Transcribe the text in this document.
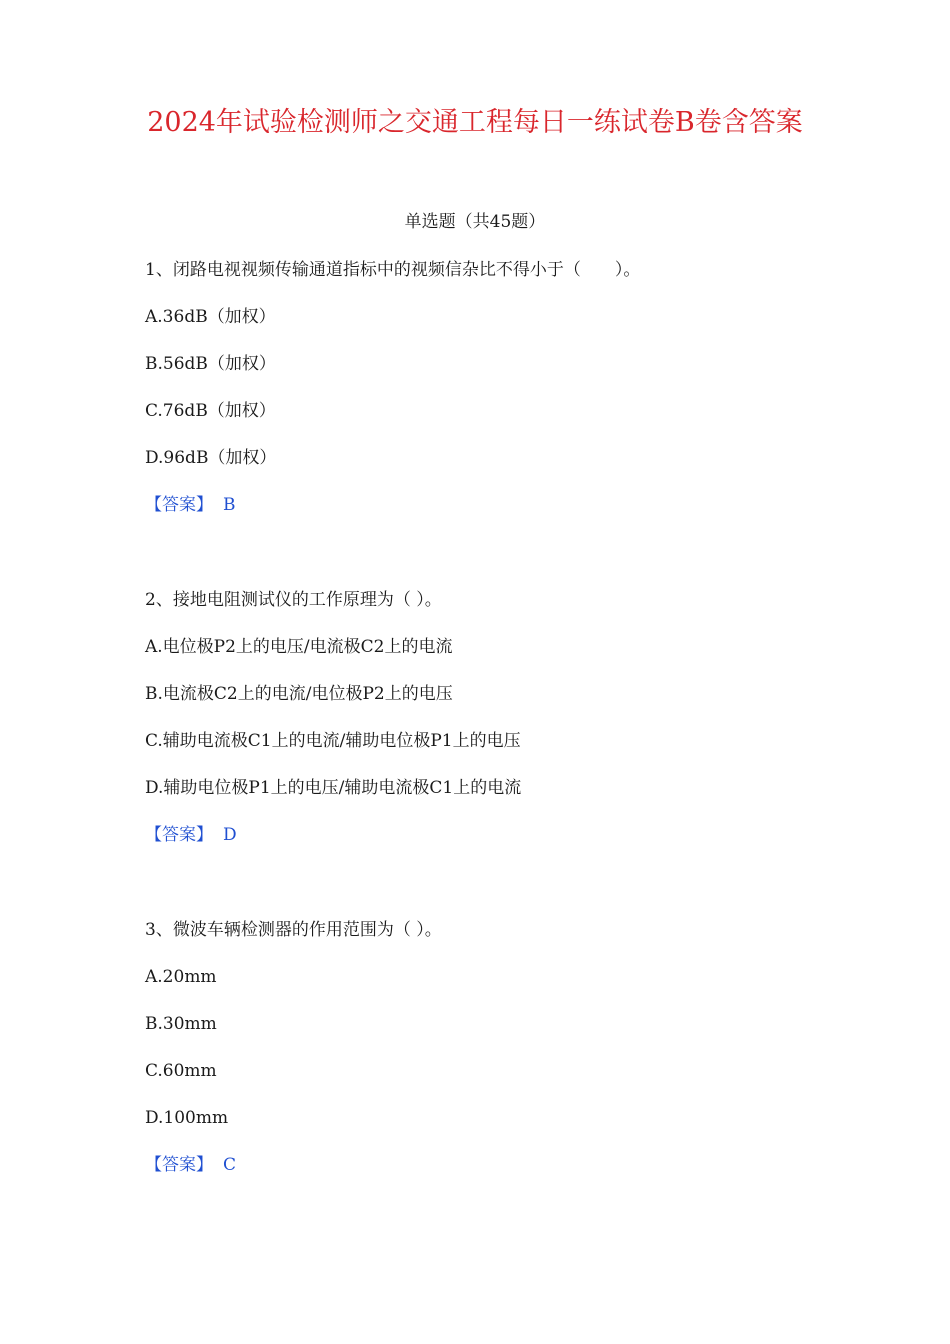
2024年试验检测师之交通工程每日一练试卷B卷含答案
单选题（共45题）
1、闭路电视视频传输通道指标中的视频信杂比不得小于（　　）。
A.36dB（加权）
B.56dB（加权）
C.76dB（加权）
D.96dB（加权）
【答案】 B
2、接地电阻测试仪的工作原理为（ ）。
A.电位极P2上的电压/电流极C2上的电流
B.电流极C2上的电流/电位极P2上的电压
C.辅助电流极C1上的电流/辅助电位极P1上的电压
D.辅助电位极P1上的电压/辅助电流极C1上的电流
【答案】 D
3、微波车辆检测器的作用范围为（ ）。
A.20mm
B.30mm
C.60mm
D.100mm
【答案】 C
